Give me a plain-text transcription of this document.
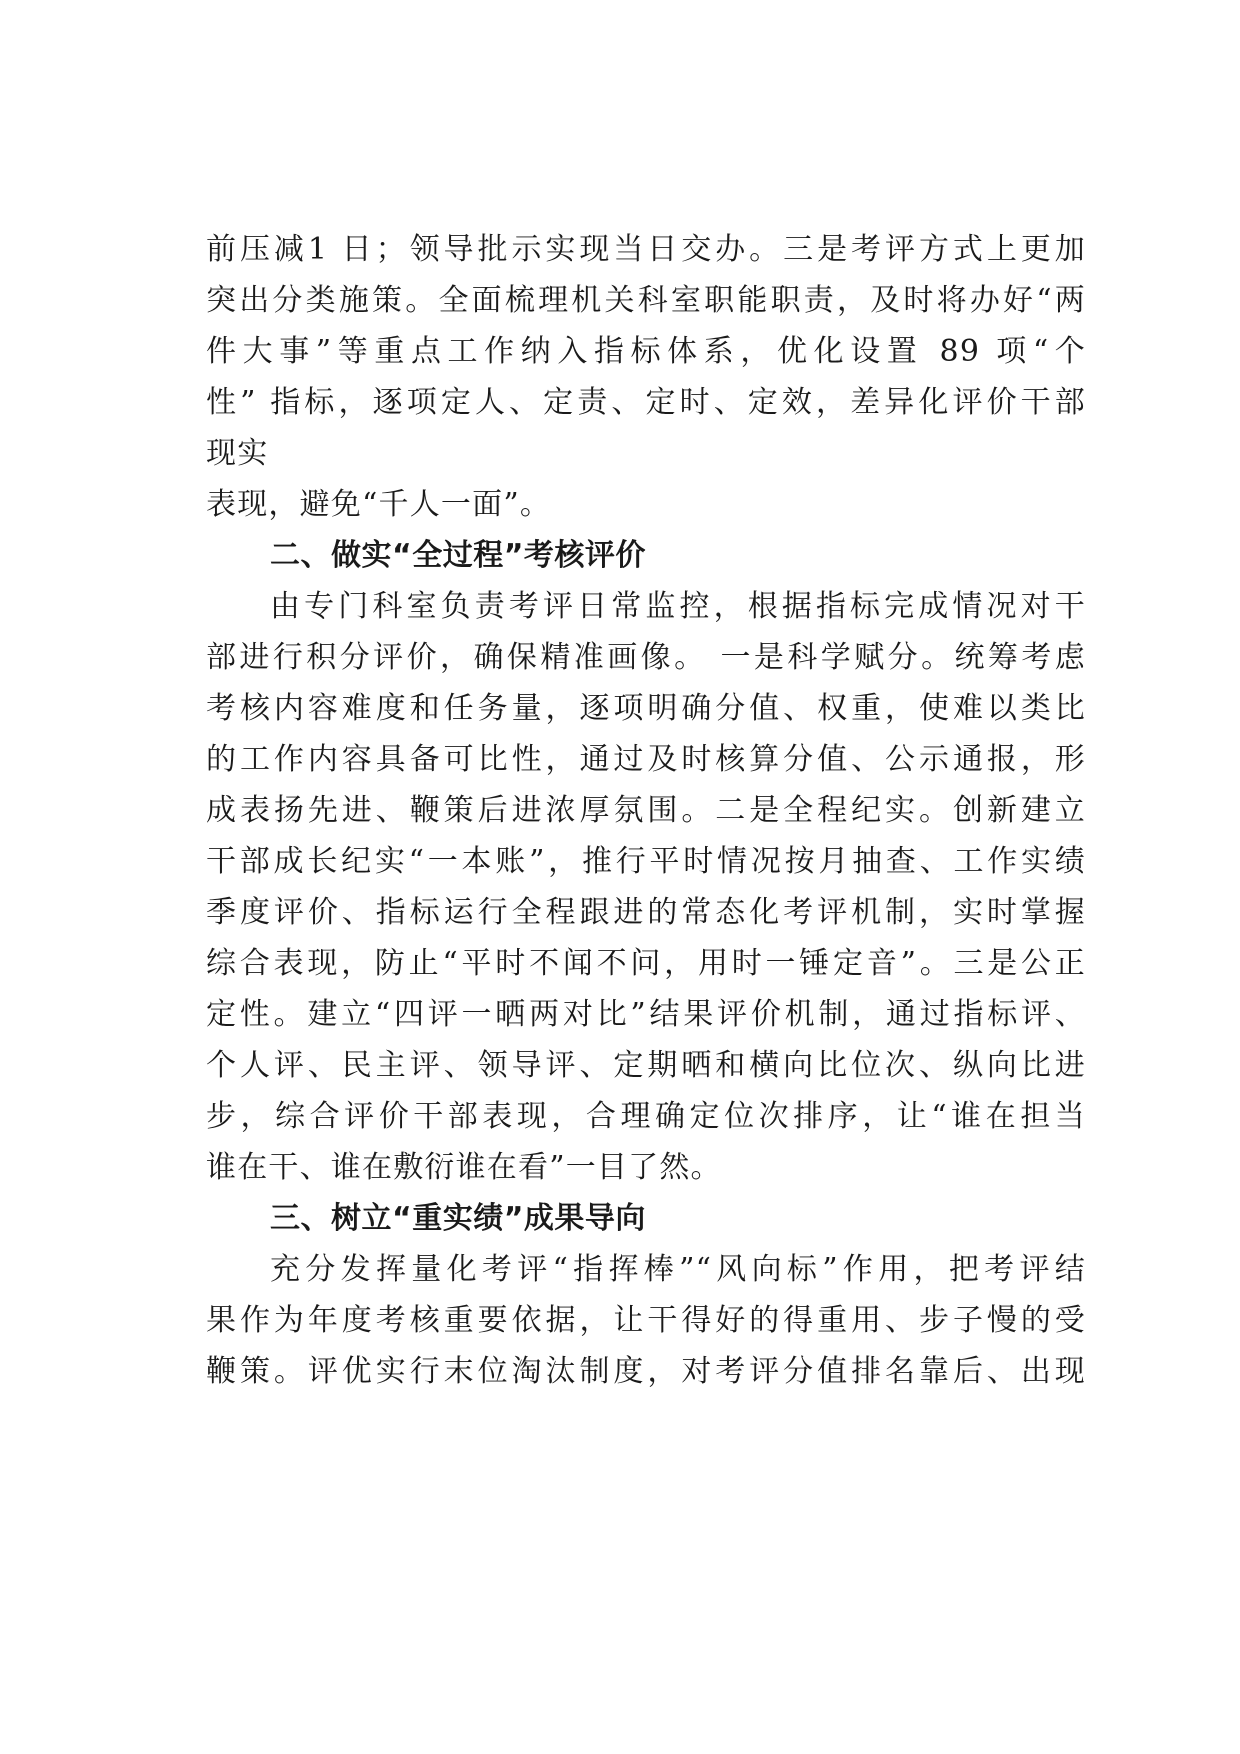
前压减1 日；领导批示实现当日交办。三是考评方式上更加
突出分类施策。全面梳理机关科室职能职责，及时将办好“两
件大事”等重点工作纳入指标体系，优化设置 89 项“个
性” 指标，逐项定人、定责、定时、定效，差异化评价干部
现实
表现，避免“千人一面”。
二、做实“全过程”考核评价
由专门科室负责考评日常监控，根据指标完成情况对干
部进行积分评价，确保精准画像。 一是科学赋分。统筹考虑
考核内容难度和任务量，逐项明确分值、权重，使难以类比
的工作内容具备可比性，通过及时核算分值、公示通报，形
成表扬先进、鞭策后进浓厚氛围。二是全程纪实。创新建立
干部成长纪实“一本账”，推行平时情况按月抽查、工作实绩
季度评价、指标运行全程跟进的常态化考评机制，实时掌握
综合表现，防止“平时不闻不问，用时一锤定音”。三是公正
定性。建立“四评一晒两对比”结果评价机制，通过指标评、
个人评、民主评、领导评、定期晒和横向比位次、纵向比进
步，综合评价干部表现，合理确定位次排序，让“谁在担当
谁在干、谁在敷衍谁在看”一目了然。
三、树立“重实绩”成果导向
充分发挥量化考评“指挥棒”“风向标”作用，把考评结
果作为年度考核重要依据，让干得好的得重用、步子慢的受
鞭策。评优实行末位淘汰制度，对考评分值排名靠后、出现
